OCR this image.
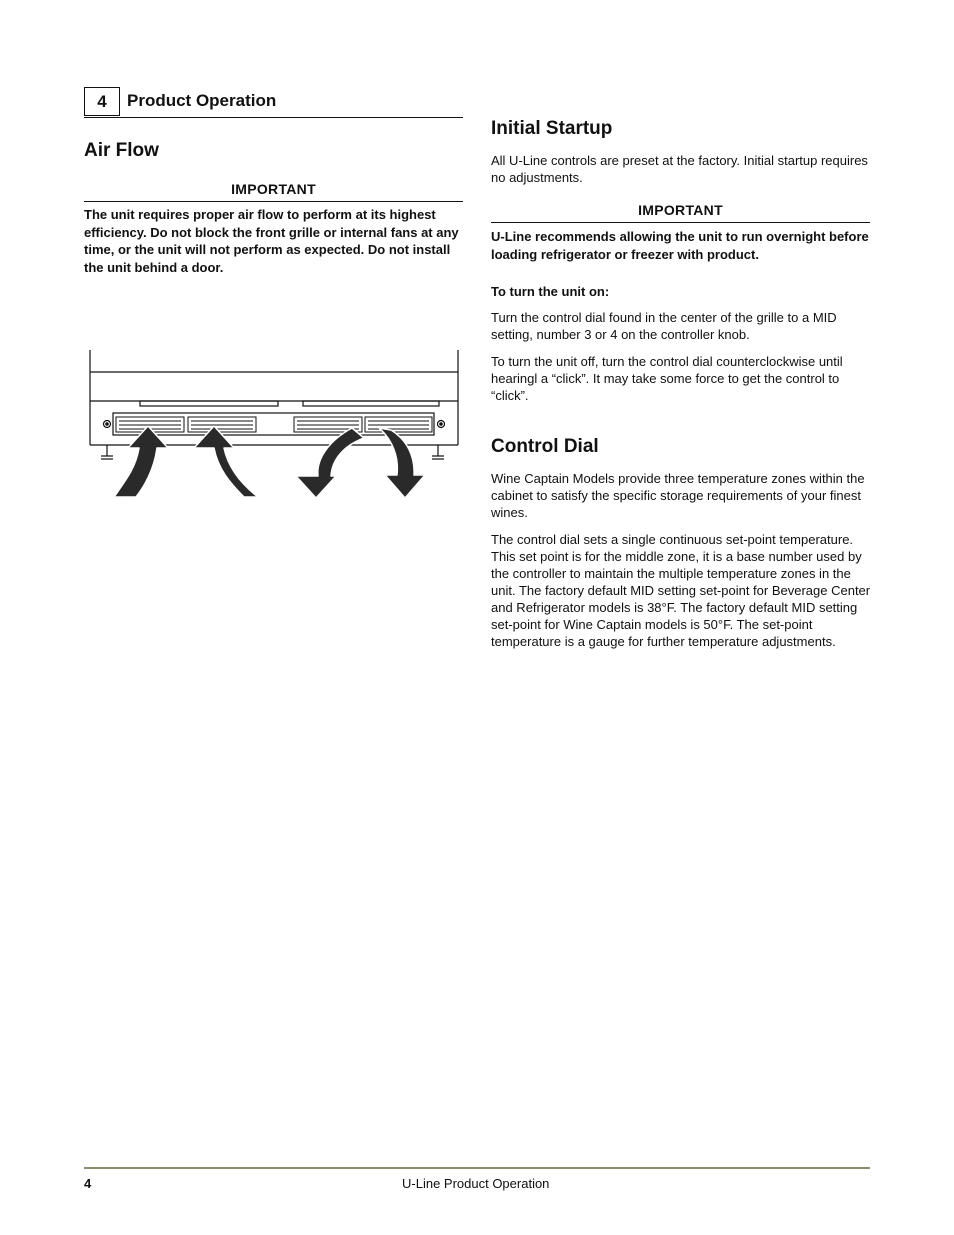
4	Product Operation
Air Flow
IMPORTANT
The unit requires proper air flow to perform at its highest efficiency. Do not block the front grille or internal fans at any time, or the unit will not perform as expected. Do not install the unit behind a door.
Initial Startup
All U-Line controls are preset at the factory. Initial startup requires no adjustments.
IMPORTANT
U-Line recommends allowing the unit to run overnight before loading refrigerator or freezer with product.
To turn the unit on:
Turn the control dial found in the center of the grille to a MID setting, number 3 or 4 on the controller knob.
To turn the unit off, turn the control dial counterclockwise until hearingl a “click”. It may take some force to get the control to “click”.
Control Dial
Wine Captain Models provide three temperature zones within the cabinet to satisfy the specific storage requirements of your finest wines.
The control dial sets a single continuous set-point temperature. This set point is for the middle zone, it is a base number used by the controller to maintain the multiple temperature zones in the unit. The factory default MID setting set-point for Beverage Center and Refrigerator models is 38°F. The factory default MID setting set-point for Wine Captain models is 50°F. The set-point temperature is a gauge for further temperature adjustments.
4	U-Line Product Operation
